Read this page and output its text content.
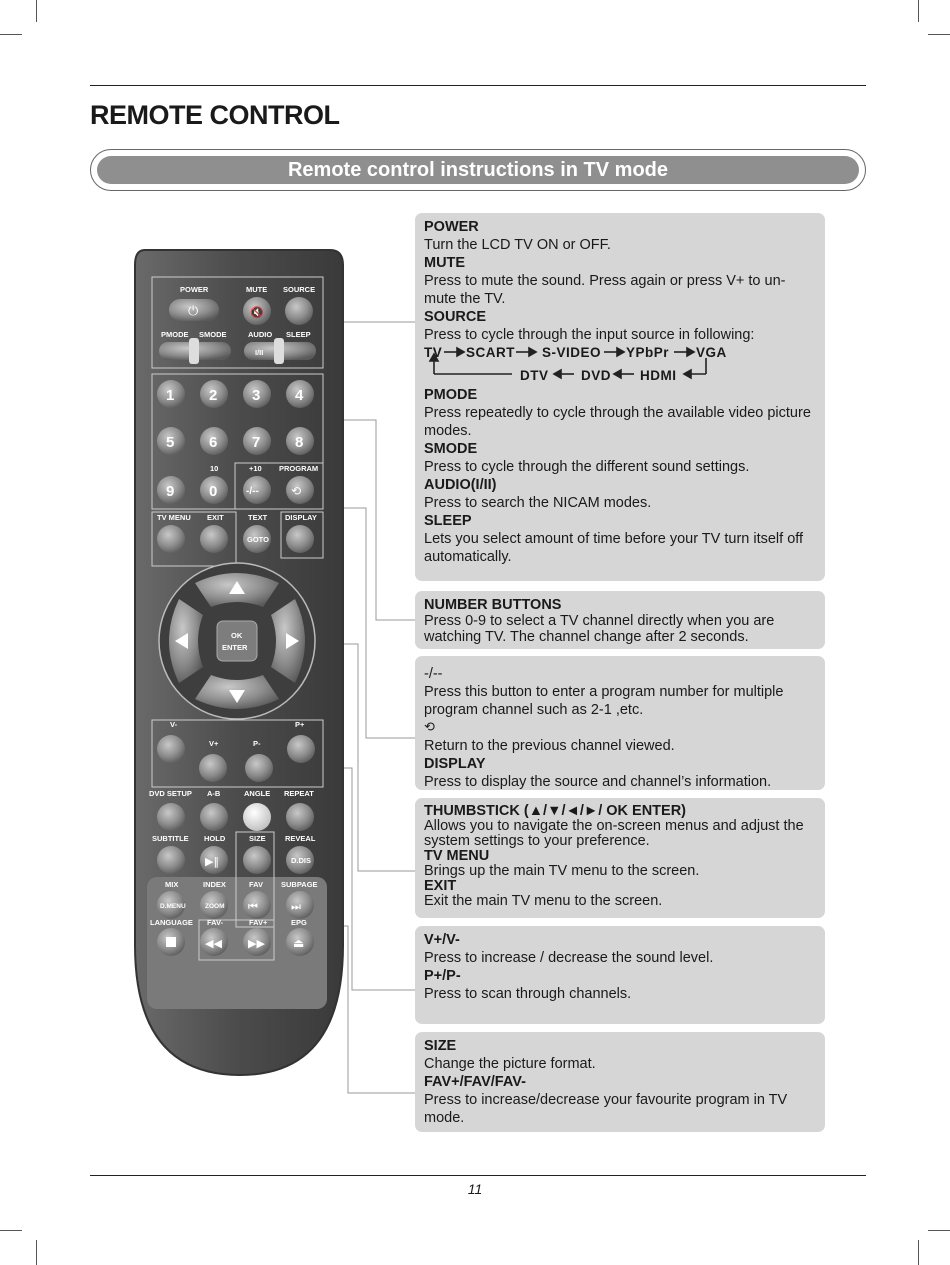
REMOTE CONTROL
Remote control instructions in TV mode
POWER	MUTE SOURCE
⏻	🔇
PMODE SMODE	AUDIO SLEEP
I/II
1 2 3 4
5 6 7 8
9 0
10	+10 PROGRAM
-/--	⟲
TV MENU EXIT	TEXT DISPLAY
GOTO
OK
ENTER
V-	P+
V+	P-
DVD SETUP A-B	ANGLE REPEAT
SUBTITLE HOLD	SIZE	REVEAL
▶‖	D.DIS
MIX	INDEX	FAV SUBPAGE
D.MENU	ZOOM ⏮	⏭
LANGUAGE FAV-	FAV+	EPG
◀◀ ▶▶ ⏏
POWER
Turn the LCD TV ON or OFF.
MUTE
Press to mute the sound. Press again or press V+ to un-mute the TV.
SOURCE
Press to cycle through the input source in following:
TV SCART S-VIDEO YPbPr VGA
DTV DVD HDMI
PMODE
Press repeatedly to cycle through the available video picture modes.
SMODE
Press to cycle through the different sound settings.
AUDIO(I/II)
Press to search the NICAM modes.
SLEEP
Lets you select amount of time before your TV turn itself off automatically.
NUMBER BUTTONS
Press 0-9 to select a TV channel directly when you are watching TV. The channel change after 2 seconds.
-/--
Press this button to enter a program number for multiple program channel such as 2-1 ,etc.
⟲
Return to the previous channel viewed.
DISPLAY
Press to display the source and channel’s information.
THUMBSTICK (▲/▼/◄/►/ OK ENTER)
Allows you to navigate the on-screen menus and adjust the system settings to your preference.
TV MENU
Brings up the main TV menu to the screen.
EXIT
Exit the main TV menu to the screen.
V+/V-
Press to increase / decrease the sound level.
P+/P-
Press to scan through channels.
SIZE
Change the picture format.
FAV+/FAV/FAV-
Press to increase/decrease your favourite program in TV mode.
11
